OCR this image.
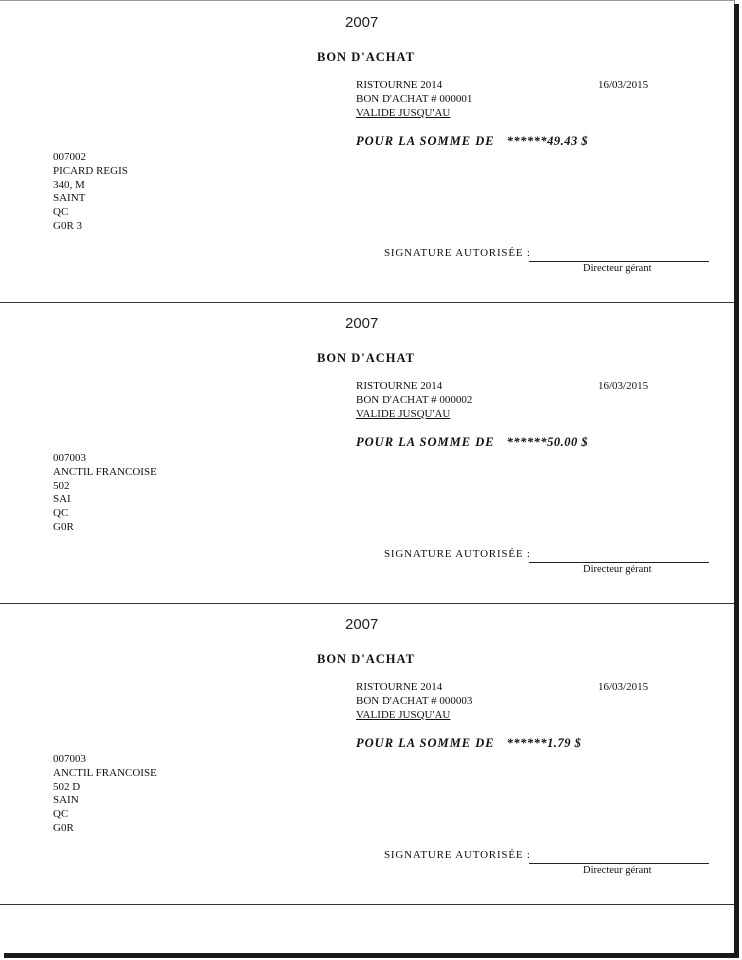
2007
BON D'ACHAT
RISTOURNE 2014	16/03/2015
BON D'ACHAT # 000001
VALIDE JUSQU'AU
POUR LA SOMME DE ******49.43 $
007002
PICARD REGIS
340, M
SAINT
QC
G0R 3
SIGNATURE AUTORISÉE :
Directeur gérant
2007
BON D'ACHAT
RISTOURNE 2014	16/03/2015
BON D'ACHAT # 000002
VALIDE JUSQU'AU
POUR LA SOMME DE ******50.00 $
007003
ANCTIL FRANCOISE
502
SAI
QC
G0R
SIGNATURE AUTORISÉE :
Directeur gérant
2007
BON D'ACHAT
RISTOURNE 2014	16/03/2015
BON D'ACHAT # 000003
VALIDE JUSQU'AU
POUR LA SOMME DE ******1.79 $
007003
ANCTIL FRANCOISE
502 D
SAIN
QC
G0R
SIGNATURE AUTORISÉE :
Directeur gérant
